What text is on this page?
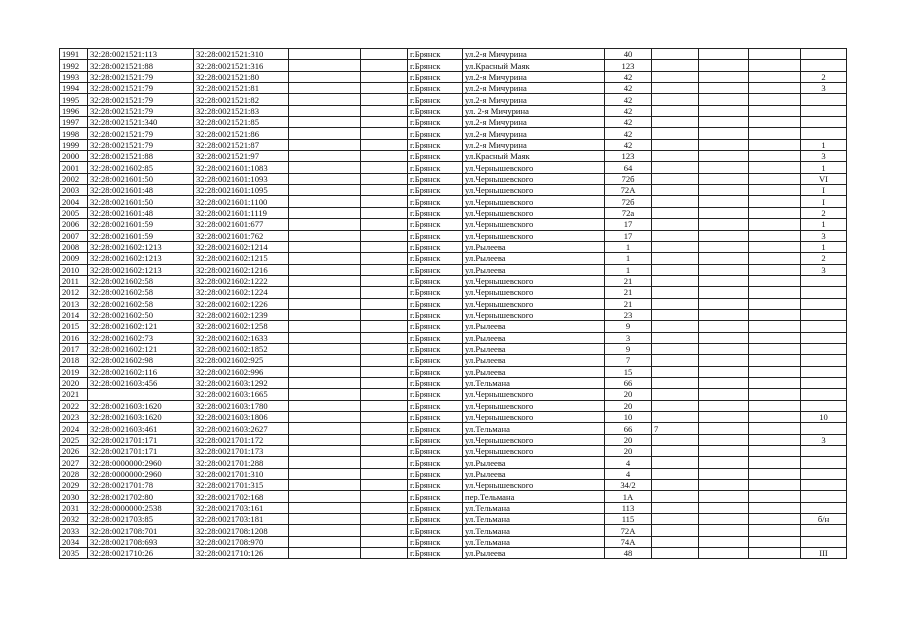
1991	32:28:0021521:113	32:28:0021521:310			г.Брянск	ул.2-я Мичурина	40				
1992	32:28:0021521:88	32:28:0021521:316			г.Брянск	ул.Красный Маяк	123				
1993	32:28:0021521:79	32:28:0021521:80			г.Брянск	ул.2-я Мичурина	42				2
1994	32:28:0021521:79	32:28:0021521:81			г.Брянск	ул.2-я Мичурина	42				3
1995	32:28:0021521:79	32:28:0021521:82			г.Брянск	ул.2-я Мичурина	42				
1996	32:28:0021521:79	32:28:0021521:83			г.Брянск	ул. 2-я Мичурина	42				
1997	32:28:0021521:340	32:28:0021521:85			г.Брянск	ул.2-я Мичурина	42				
1998	32:28:0021521:79	32:28:0021521:86			г.Брянск	ул.2-я Мичурина	42				
1999	32:28:0021521:79	32:28:0021521:87			г.Брянск	ул.2-я Мичурина	42				1
2000	32:28:0021521:88	32:28:0021521:97			г.Брянск	ул.Красный Маяк	123				3
2001	32:28:0021602:85	32:28:0021601:1083			г.Брянск	ул.Чернышевского	64				1
2002	32:28:0021601:50	32:28:0021601:1093			г.Брянск	ул.Чернышевского	72б				VI
2003	32:28:0021601:48	32:28:0021601:1095			г.Брянск	ул.Чернышевского	72А				I
2004	32:28:0021601:50	32:28:0021601:1100			г.Брянск	ул.Чернышевского	72б				I
2005	32:28:0021601:48	32:28:0021601:1119			г.Брянск	ул.Чернышевского	72а				2
2006	32:28:0021601:59	32:28:0021601:677			г.Брянск	ул.Чернышевского	17				1
2007	32:28:0021601:59	32:28:0021601:762			г.Брянск	ул.Чернышевского	17				3
2008	32:28:0021602:1213	32:28:0021602:1214			г.Брянск	ул.Рылеева	1				1
2009	32:28:0021602:1213	32:28:0021602:1215			г.Брянск	ул.Рылеева	1				2
2010	32:28:0021602:1213	32:28:0021602:1216			г.Брянск	ул.Рылеева	1				3
2011	32:28:0021602:58	32:28:0021602:1222			г.Брянск	ул.Чернышевского	21				
2012	32:28:0021602:58	32:28:0021602:1224			г.Брянск	ул.Чернышевского	21				
2013	32:28:0021602:58	32:28:0021602:1226			г.Брянск	ул.Чернышевского	21				
2014	32:28:0021602:50	32:28:0021602:1239			г.Брянск	ул.Чернышевского	23				
2015	32:28:0021602:121	32:28:0021602:1258			г.Брянск	ул.Рылеева	9				
2016	32:28:0021602:73	32:28:0021602:1633			г.Брянск	ул.Рылеева	3				
2017	32:28:0021602:121	32:28:0021602:1852			г.Брянск	ул.Рылеева	9				
2018	32:28:0021602:98	32:28:0021602:925			г.Брянск	ул.Рылеева	7				
2019	32:28:0021602:116	32:28:0021602:996			г.Брянск	ул.Рылеева	15				
2020	32:28:0021603:456	32:28:0021603:1292			г.Брянск	ул.Тельмана	66				
2021		32:28:0021603:1665			г.Брянск	ул.Чернышевского	20				
2022	32:28:0021603:1620	32:28:0021603:1780			г.Брянск	ул.Чернышевского	20				
2023	32:28:0021603:1620	32:28:0021603:1806			г.Брянск	ул.Чернышевского	10				10
2024	32:28:0021603:461	32:28:0021603:2627			г.Брянск	ул.Тельмана	66	7			
2025	32:28:0021701:171	32:28:0021701:172			г.Брянск	ул.Чернышевского	20				3
2026	32:28:0021701:171	32:28:0021701:173			г.Брянск	ул.Чернышевского	20				
2027	32:28:0000000:2960	32:28:0021701:288			г.Брянск	ул.Рылеева	4				
2028	32:28:0000000:2960	32:28:0021701:310			г.Брянск	ул.Рылеева	4				
2029	32:28:0021701:78	32:28:0021701:315			г.Брянск	ул.Чернышевского	34/2				
2030	32:28:0021702:80	32:28:0021702:168			г.Брянск	пер.Тельмана	1А				
2031	32:28:0000000:2538	32:28:0021703:161			г.Брянск	ул.Тельмана	113				
2032	32:28:0021703:85	32:28:0021703:181			г.Брянск	ул.Тельмана	115				б/н
2033	32:28:0021708:701	32:28:0021708:1208			г.Брянск	ул.Тельмана	72А				
2034	32:28:0021708:693	32:28:0021708:970			г.Брянск	ул.Тельмана	74А				
2035	32:28:0021710:26	32:28:0021710:126			г.Брянск	ул.Рылеева	48				III
